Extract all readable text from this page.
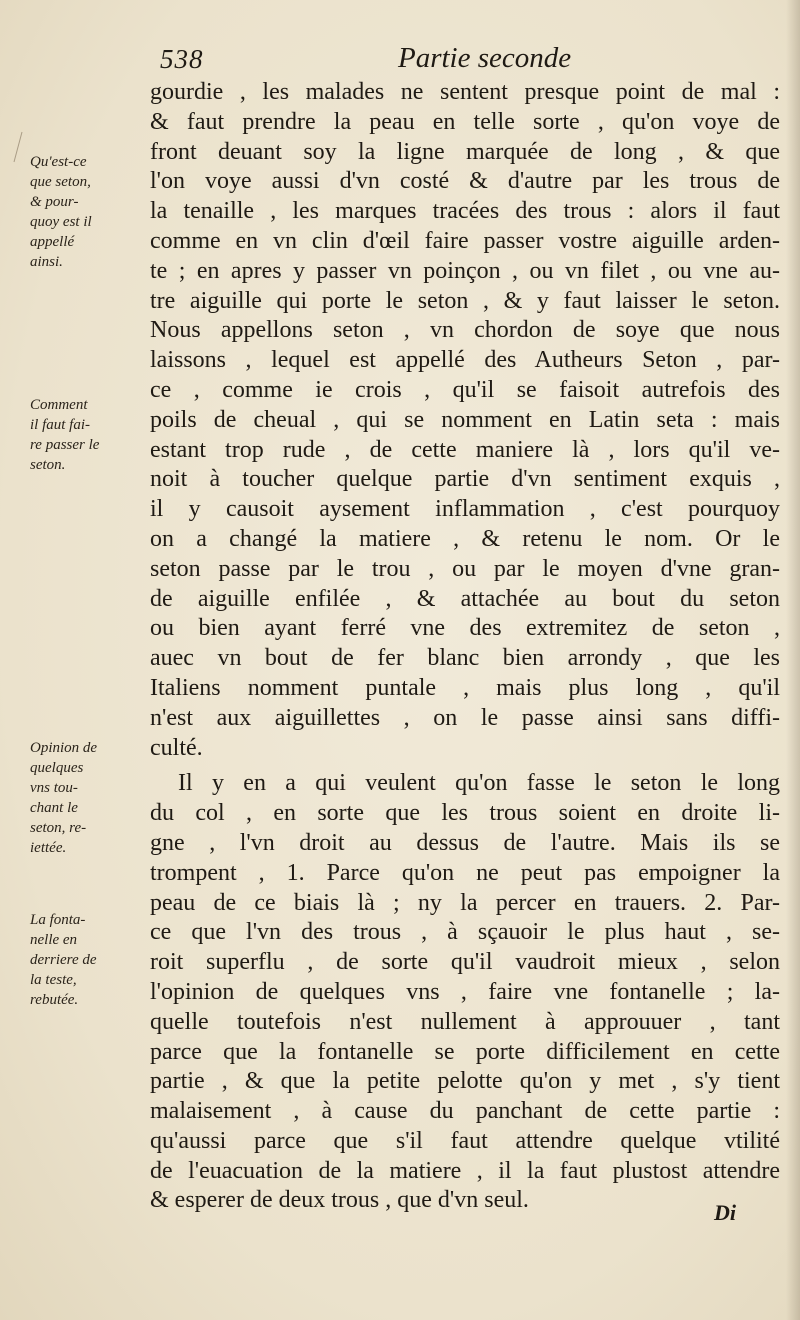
538	Partie seconde
Qu'est-ce
que seton,
& pour-
quoy est il
appellé
ainsi.
Comment
il faut fai-
re passer le
seton.
Opinion de
quelques
vns tou-
chant le
seton, re-
iettée.
La fonta-
nelle en
derriere de
la teste,
rebutée.
gourdie , les malades ne sentent presque point de mal :
& faut prendre la peau en telle sorte , qu'on voye de
front deuant soy la ligne marquée de long , & que
l'on voye aussi d'vn costé & d'autre par les trous de
la tenaille , les marques tracées des trous : alors il faut
comme en vn clin d'œil faire passer vostre aiguille arden-
te ; en apres y passer vn poinçon , ou vn filet , ou vne au-
tre aiguille qui porte le seton , & y faut laisser le seton.
Nous appellons seton , vn chordon de soye que nous
laissons , lequel est appellé des Autheurs Seton , par-
ce , comme ie crois , qu'il se faisoit autrefois des
poils de cheual , qui se nomment en Latin seta : mais
estant trop rude , de cette maniere là , lors qu'il ve-
noit à toucher quelque partie d'vn sentiment exquis ,
il y causoit aysement inflammation , c'est pourquoy
on a changé la matiere , & retenu le nom. Or le
seton passe par le trou , ou par le moyen d'vne gran-
de aiguille enfilée , & attachée au bout du seton
ou bien ayant ferré vne des extremitez de seton ,
auec vn bout de fer blanc bien arrondy , que les
Italiens nomment puntale , mais plus long , qu'il
n'est aux aiguillettes , on le passe ainsi sans diffi-
culté.
Il y en a qui veulent qu'on fasse le seton le long
du col , en sorte que les trous soient en droite li-
gne , l'vn droit au dessus de l'autre. Mais ils se
trompent , 1. Parce qu'on ne peut pas empoigner la
peau de ce biais là ; ny la percer en trauers. 2. Par-
ce que l'vn des trous , à sçauoir le plus haut , se-
roit superflu , de sorte qu'il vaudroit mieux , selon
l'opinion de quelques vns , faire vne fontanelle ; la-
quelle toutefois n'est nullement à approuuer , tant
parce que la fontanelle se porte difficilement en cette
partie , & que la petite pelotte qu'on y met , s'y tient
malaisement , à cause du panchant de cette partie :
qu'aussi parce que s'il faut attendre quelque vtilité
de l'euacuation de la matiere , il la faut plustost attendre
& esperer de deux trous , que d'vn seul.	Di
